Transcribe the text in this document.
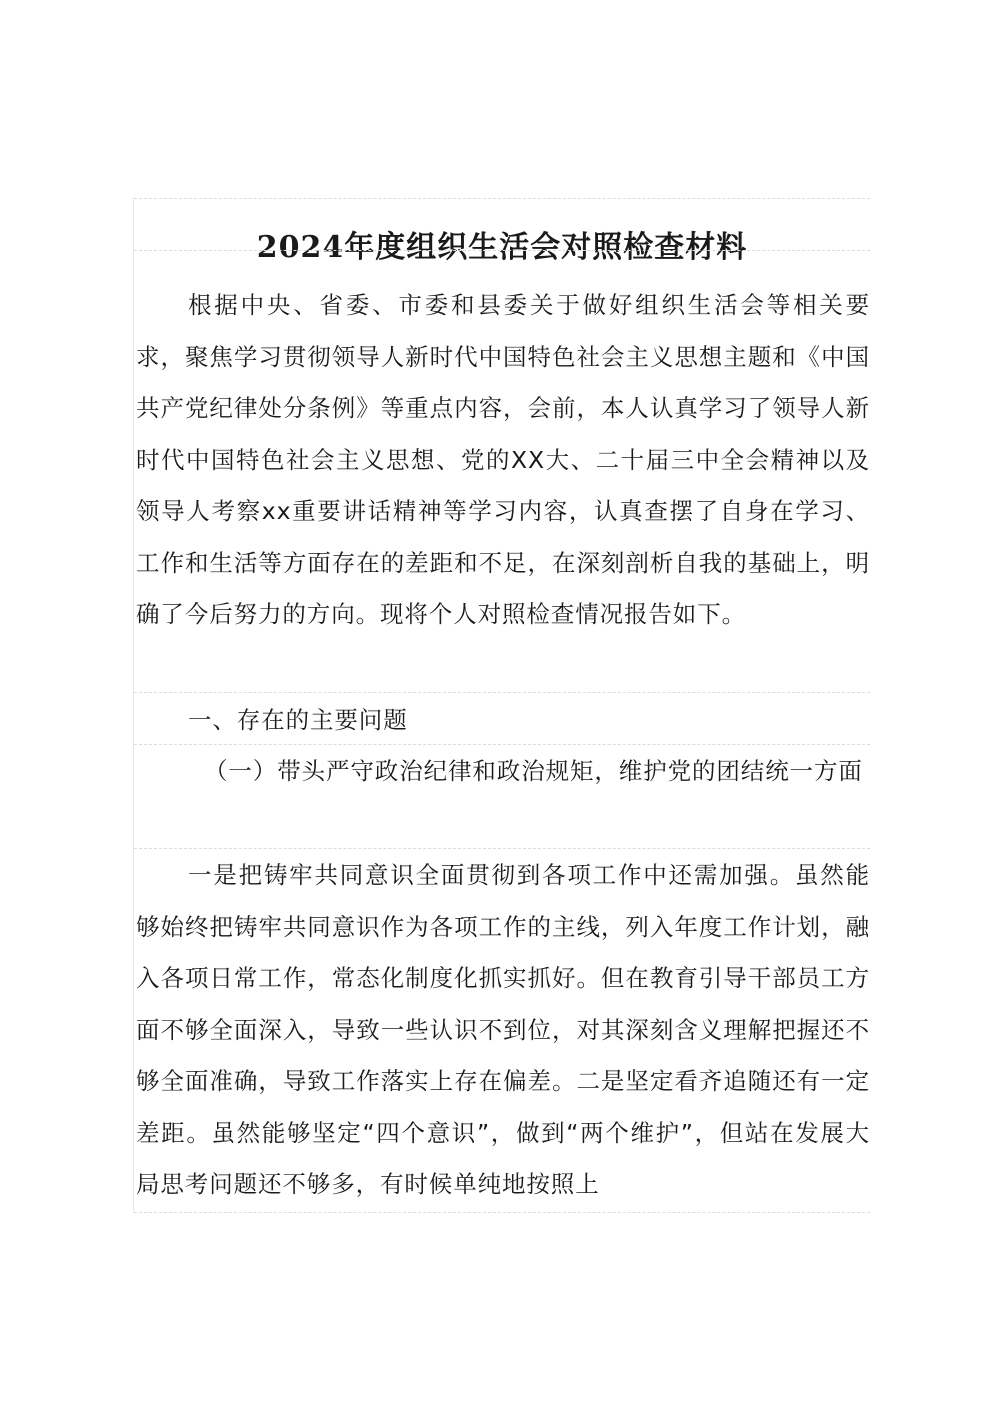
2024年度组织生活会对照检查材料

根据中央、省委、市委和县委关于做好组织生活会等相关要求，聚焦学习贯彻领导人新时代中国特色社会主义思想主题和《中国共产党纪律处分条例》等重点内容，会前，本人认真学习了领导人新时代中国特色社会主义思想、党的XX大、二十届三中全会精神以及领导人考察xx重要讲话精神等学习内容，认真查摆了自身在学习、工作和生活等方面存在的差距和不足，在深刻剖析自我的基础上，明确了今后努力的方向。现将个人对照检查情况报告如下。

一、存在的主要问题

（一）带头严守政治纪律和政治规矩，维护党的团结统一方面

一是把铸牢共同意识全面贯彻到各项工作中还需加强。虽然能够始终把铸牢共同意识作为各项工作的主线，列入年度工作计划，融入各项日常工作，常态化制度化抓实抓好。但在教育引导干部员工方面不够全面深入，导致一些认识不到位，对其深刻含义理解把握还不够全面准确，导致工作落实上存在偏差。二是坚定看齐追随还有一定差距。虽然能够坚定“四个意识”，做到“两个维护”，但站在发展大局思考问题还不够多，有时候单纯地按照上
